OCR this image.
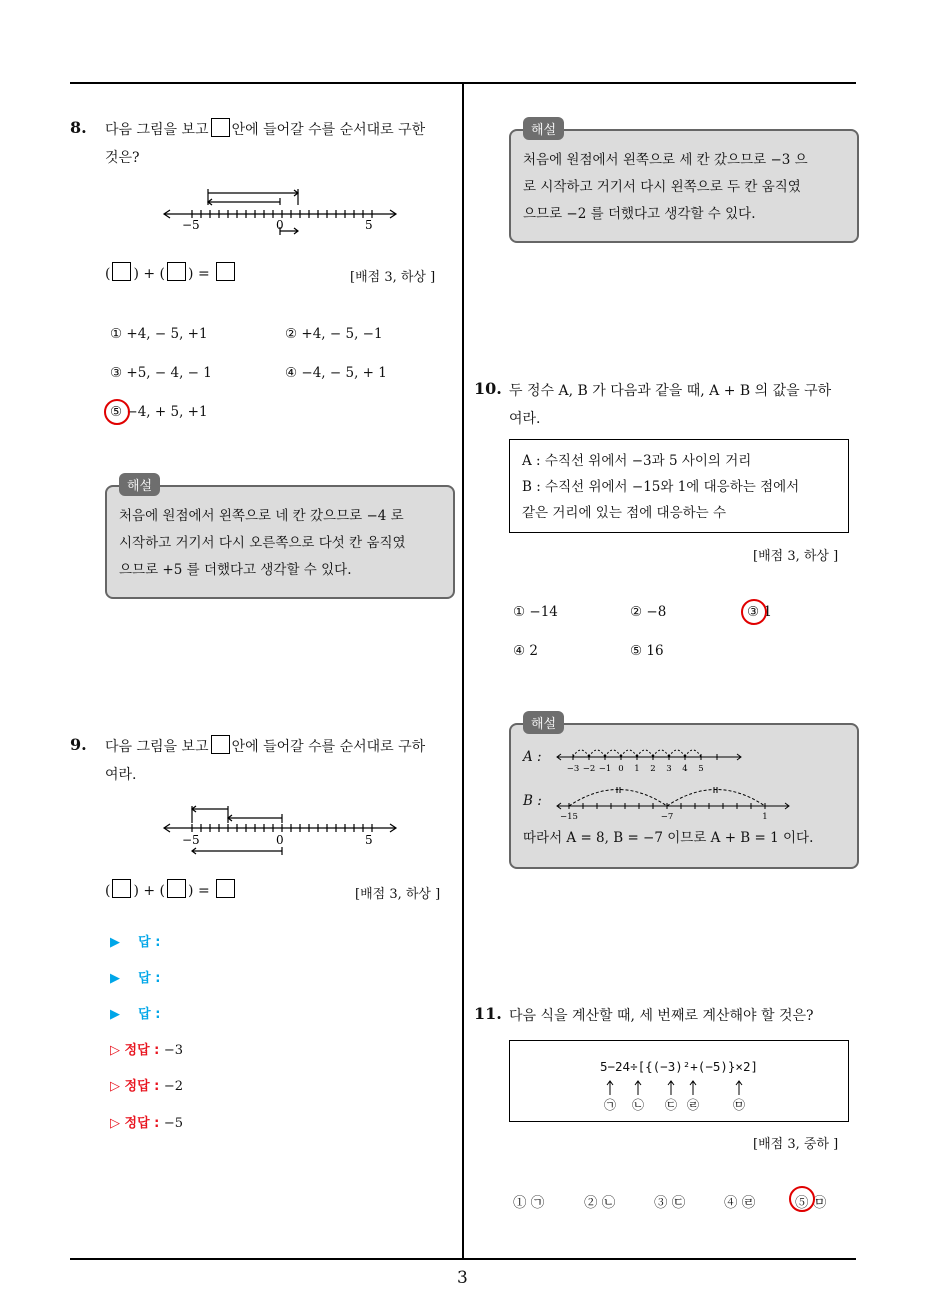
3
8. 다음 그림을 보고 안에 들어갈 수를 순서대로 구한
것은?
−5	0	5
( ) + ( ) =	[배점 3, 하상 ]
① +4, − 5, +1	② +4, − 5, −1
③ +5, − 4, − 1	④ −4, − 5, + 1
⑤ −4, + 5, +1
해설
처음에 원점에서 왼쪽으로 네 칸 갔으므로 −4 로
시작하고 거기서 다시 오른쪽으로 다섯 칸 움직였
으므로 +5 를 더했다고 생각할 수 있다.
9. 다음 그림을 보고 안에 들어갈 수를 순서대로 구하
여라.
−5	0	5
( ) + ( ) =	[배점 3, 하상 ]
▶ 답 :
▶ 답 :
▶ 답 :
▷ 정답 : −3
▷ 정답 : −2
▷ 정답 : −5
해설
처음에 원점에서 왼쪽으로 세 칸 갔으므로 −3 으
로 시작하고 거기서 다시 왼쪽으로 두 칸 움직였
으므로 −2 를 더했다고 생각할 수 있다.
10. 두 정수 A, B 가 다음과 같을 때, A + B 의 값을 구하
여라.
A : 수직선 위에서 −3과 5 사이의 거리
B : 수직선 위에서 −15와 1에 대응하는 점에서
같은 거리에 있는 점에 대응하는 수
[배점 3, 하상 ]
① −14	② −8	③ 1
④ 2	⑤ 16
해설
A :
−3 −2 −1 0 1 2 3 4 5
B :
−15	−7	1
따라서 A = 8, B = −7 이므로 A + B = 1 이다.
11. 다음 식을 계산할 때, 세 번째로 계산해야 할 것은?
5−24÷[{(−3)²+(−5)}×2]
㉠ ㉡ ㉢ ㉣	㉤
[배점 3, 중하 ]
① ㉠	② ㉡	③ ㉢	④ ㉣	⑤ ㉤
